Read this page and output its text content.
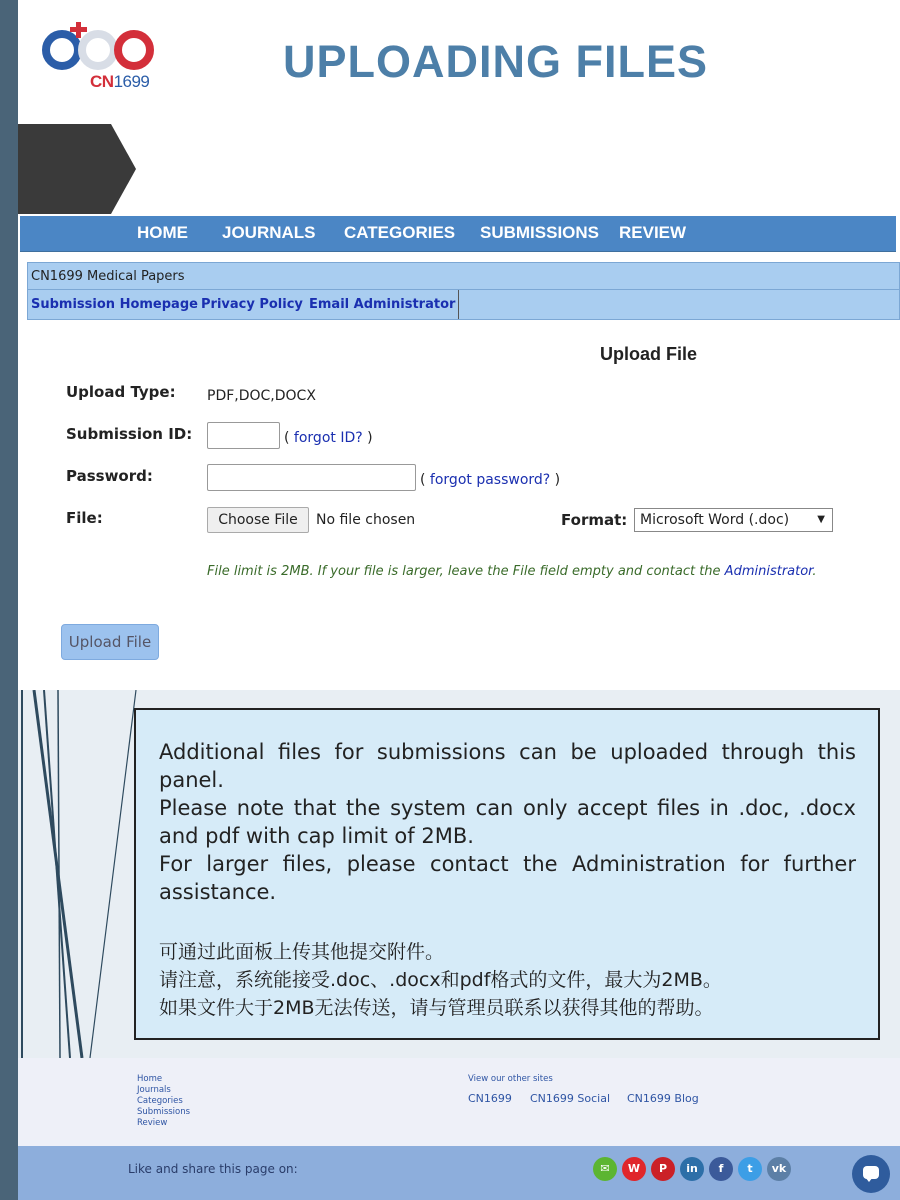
CN1699	UPLOADING FILES
HOME JOURNALS CATEGORIES SUBMISSIONS REVIEW
CN1699 Medical Papers
Submission Homepage Privacy Policy Email Administrator
Upload File
Upload Type: PDF,DOC,DOCX
Submission ID:	( forgot ID? )
Password:	( forgot password? )
File:	Choose File	No file chosen	Format: Microsoft Word (.doc)	▼
File limit is 2MB. If your file is larger, leave the File field empty and contact the Administrator.
Upload File
Additional files for submissions can be uploaded through this panel.
Please note that the system can only accept files in .doc, .docx and pdf with cap limit of 2MB.
For larger files, please contact the Administration for further assistance.
可通过此面板上传其他提交附件。
请注意，系统能接受.doc、.docx和pdf格式的文件，最大为2MB。
如果文件大于2MB无法传送，请与管理员联系以获得其他的帮助。
Home
Journals
Categories
Submissions
Review
View our other sites
CN1699 CN1699 Social CN1699 Blog
Like and share this page on:	✉	W	P	in	f	t	vk
